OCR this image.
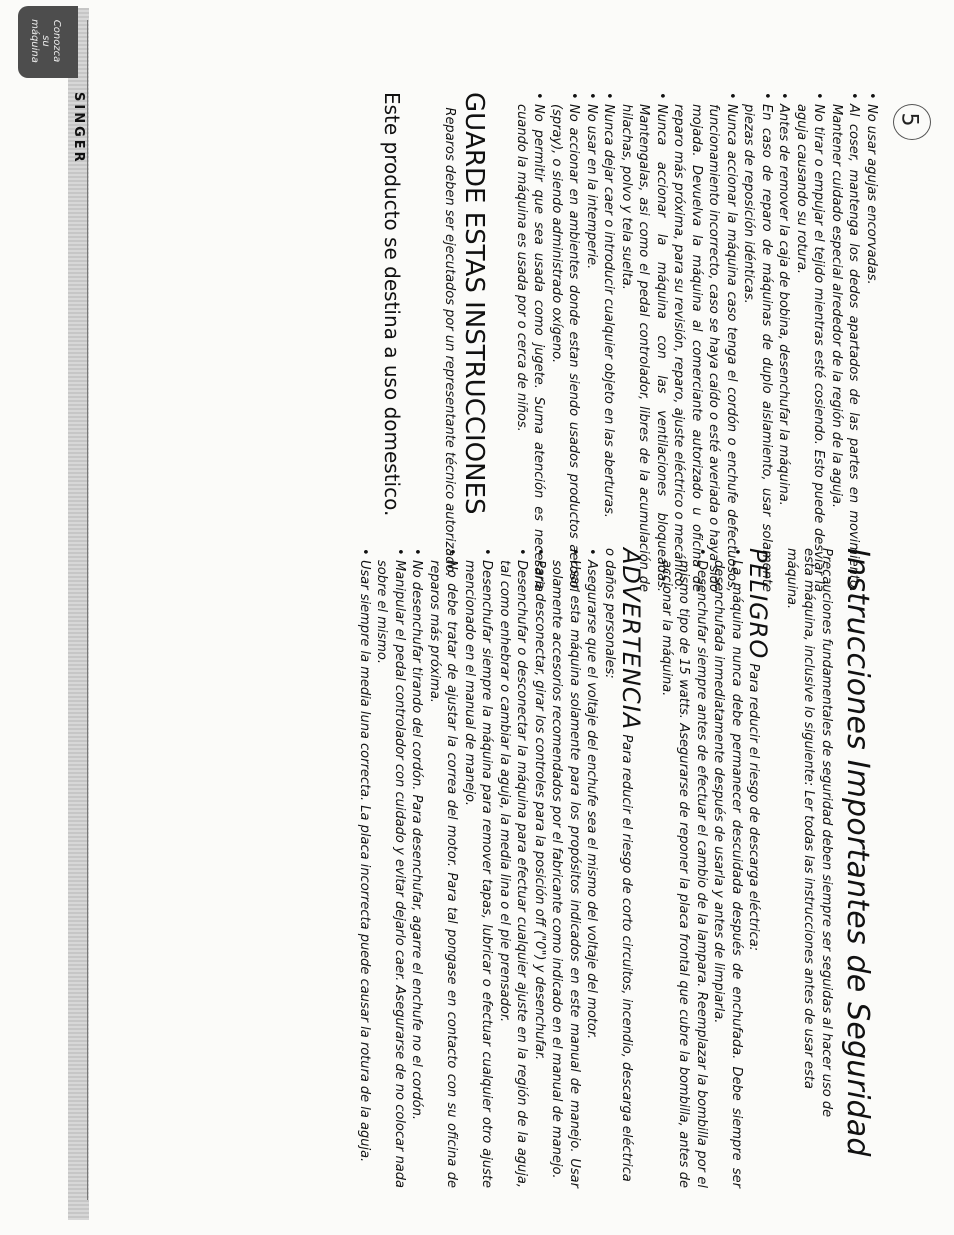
SINGER
Conozca
su
máquina
5
Instrucciones Importantes de Seguridad

Precauciones fundamentales de seguridad deben siempre ser seguidas al hacer uso de esta máquina, inclusive lo siguiente: Ler todas las instrucciones antes de usar esta máquina.

PELIGRO Para reducir el riesgo de descarga eléctrica:
• La máquina nunca debe permanecer descuidada después de enchufada. Debe siempre ser desenchufada inmediatamente después de usarla y antes de limpiarla.
• Desenchufar siempre antes de efectuar el cambio de la lampara. Reemplazar la bombilla por el mismo tipo de 15 watts. Asegurarse de reponer la placa frontal que cubre la bombilla, antes de accionar la máquina.
ADVERTENCIA Para reducir el riesgo de corto circuitos, incendio, descarga eléctrica o daños personales:
• Asegurarse que el voltaje del enchufe sea el mismo del voltaje del motor.
• Usar esta máquina solamente para los propósitos indicados en este manual de manejo. Usar solamente accesorios recomendados por el fabricante como indicado en el manual de manejo.
• Para desconectar, girar los controles para la posición off ("0") y desenchufar.
• Desenchufar o desconectar la máquina para efectuar cualquier ajuste en la región de la aguja, tal como enhebrar o cambiar la aguja, la media lina o el pie prensador.
• Desenchufar siempre la máquina para remover tapas, lubricar o efectuar cualquier otro ajuste mencionado en el manual de manejo.
• No debe tratar de ajustar la correa del motor. Para tal pongase en contacto con su oficina de reparos más próxima.
• No desenchufar tirando del cordón. Para desenchufar, agarre el enchufe no el cordón.
• Manipular el pedal controlador con cuidado y evitar dejarlo caer. Asegurarse de no colocar nada sobre el mismo.
• Usar siempre la media luna correcta. La placa incorrecta puede causar la rotura de la aguja.
• No usar agujas encorvadas.
• Al coser, mantenga los dedos apartados de las partes en movimiento. Mantener cuidado especial alrededor de la región de la aguja.
• No tirar o empujar el tejido mientras esté cosiendo. Esto puede desviar la aguja causando su rotura.
• Antes de remover la caja de bobina, desenchufar la máquina.
• En caso de reparo de máquinas de duplo aislamiento, usar solamente piezas de reposición idénticas.
• Nunca accionar la máquina caso tenga el cordón o enchufe defectuosos, funcionamiento incorrecto, caso se haya caído o esté averiada o haya sido mojada. Devuelva la máquina al comerciante autorizado u oficina de reparo más próxima, para su revisión, reparo, ajuste eléctrico o mecánico.
• Nunca accionar la máquina con las ventilaciones bloqueadas. Mantengalas, asi como el pedal controlador, libres de la acumulación de hilachas, polvo y tela suelta.
• Nunca dejar caer o introducir cualquier objeto en las aberturas.
• No usar en la intemperie.
• No accionar en ambientes donde estan siendo usados productos aerosol (spray), o siendo administrado oxígeno.
• No permitir que sea usada como jugete. Suma atención es necesaria cuando la máquina es usada por o cerca de niños.
GUARDE ESTAS INSTRUCCIONES

Reparos deben ser ejecutados por un representante técnico autorizado.

Este producto se destina a uso domestico.
